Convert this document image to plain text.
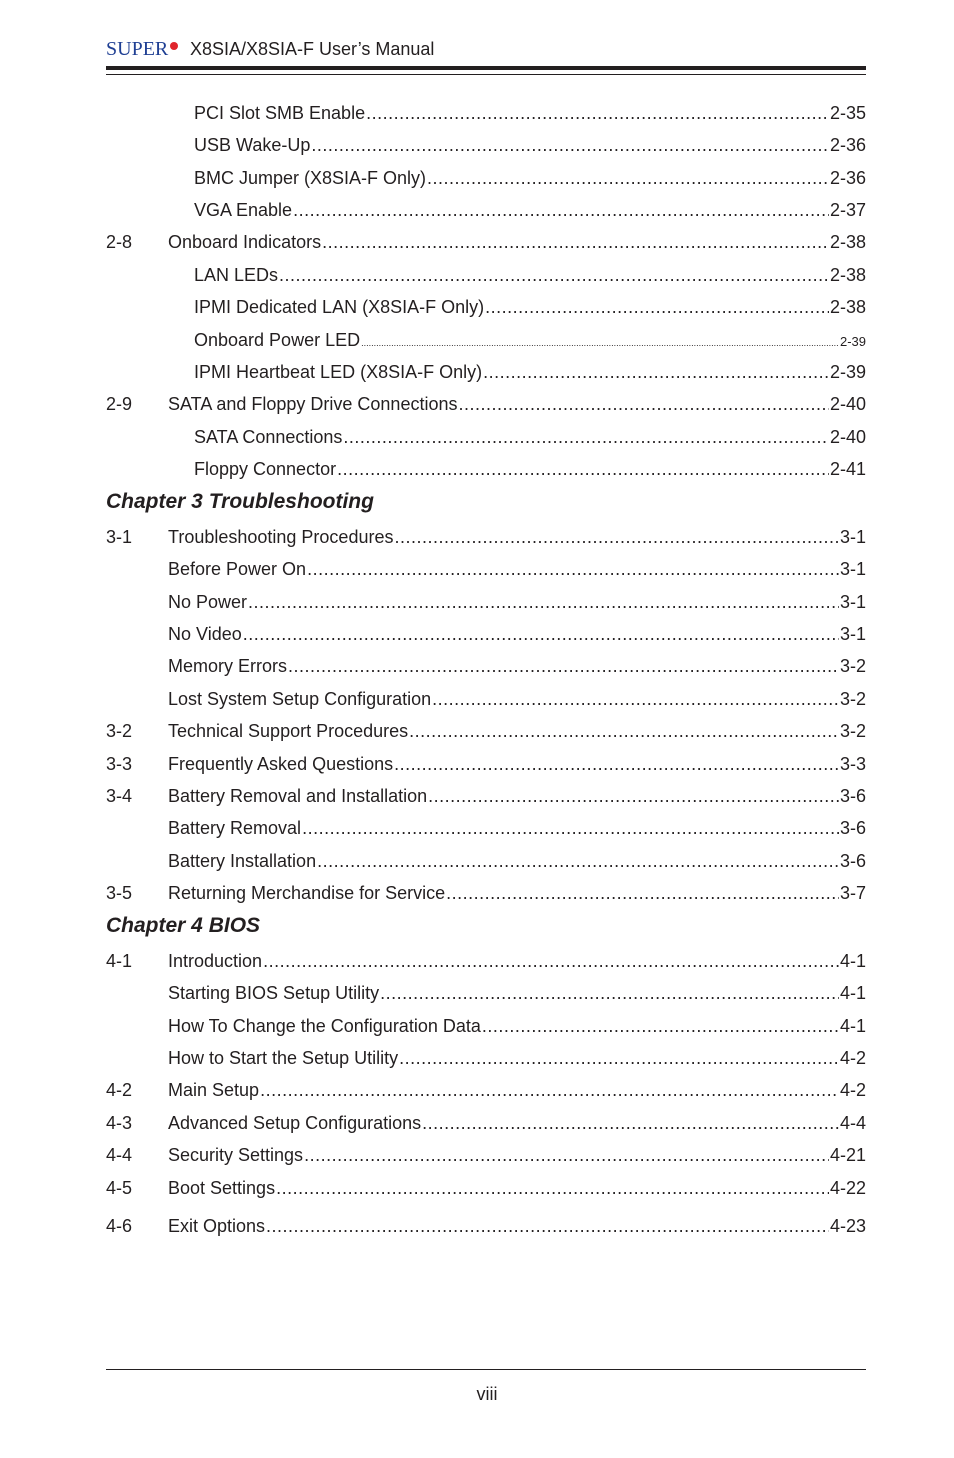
SUPER X8SIA/X8SIA-F User’s Manual
PCI Slot SMB Enable .....	2-35
USB Wake-Up .....	2-36
BMC Jumper (X8SIA-F Only) .....	2-36
VGA Enable .....	2-37
2-8 Onboard Indicators .....	2-38
LAN LEDs .....	2-38
IPMI Dedicated LAN (X8SIA-F Only) .....	2-38
Onboard Power LED .....	2-39
IPMI Heartbeat LED (X8SIA-F Only) .....	2-39
2-9 SATA and Floppy Drive Connections .....	2-40
SATA Connections .....	2-40
Floppy Connector .....	2-41
Chapter 3 Troubleshooting
3-1 Troubleshooting Procedures .....	3-1
Before Power On .....	3-1
No Power .....	3-1
No Video .....	3-1
Memory Errors .....	3-2
Lost System Setup Configuration .....	3-2
3-2 Technical Support Procedures .....	3-2
3-3 Frequently Asked Questions .....	3-3
3-4 Battery Removal and Installation .....	3-6
Battery Removal .....	3-6
Battery Installation .....	3-6
3-5 Returning Merchandise for Service .....	3-7
Chapter 4 BIOS
4-1 Introduction .....	4-1
Starting BIOS Setup Utility .....	4-1
How To Change the Configuration Data .....	4-1
How to Start the Setup Utility .....	4-2
4-2 Main Setup .....	4-2
4-3 Advanced Setup Configurations .....	4-4
4-4 Security Settings .....	4-21
4-5 Boot Settings .....	4-22
4-6 Exit Options .....	4-23
viii
